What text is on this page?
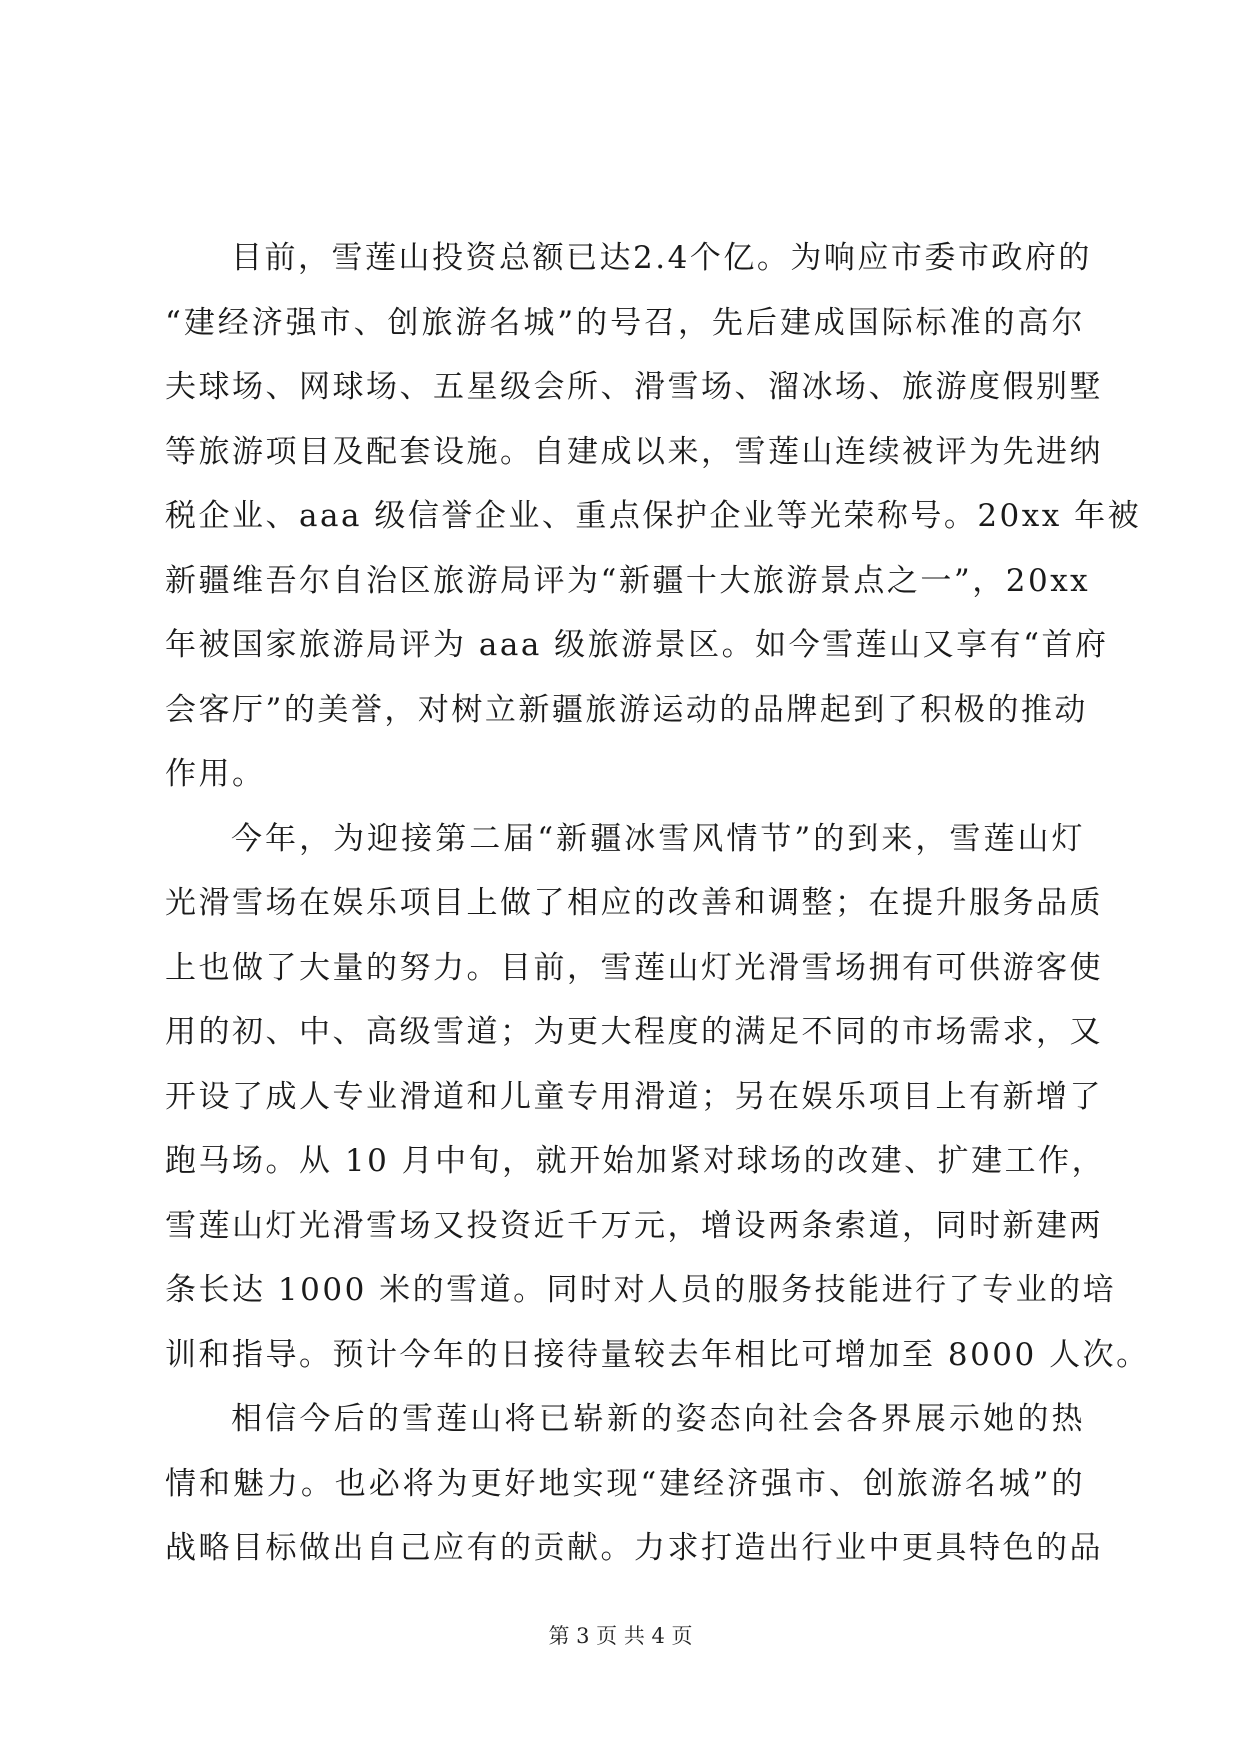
目 前 ， 雪 莲 山 投 资 总 额 已 达 2 . 4 个 亿 。 为 响 应 市 委 市 政 府 的
“ 建 经 济 强 市 、 创 旅 游 名 城 ” 的 号 召 ， 先 后 建 成 国 际 标 准 的 高 尔
夫 球 场 、 网 球 场 、 五 星 级 会 所 、 滑 雪 场 、 溜 冰 场 、 旅 游 度 假 别 墅
等 旅 游 项 目 及 配 套 设 施 。 自 建 成 以 来 ， 雪 莲 山 连 续 被 评 为 先 进 纳
税 企 业 、 a a a
级 信 誉 企 业 、 重 点 保 护 企 业 等 光 荣 称 号 。 2 0 x x
年 被
新 疆 维 吾 尔 自 治 区 旅 游 局 评 为 “ 新 疆 十 大 旅 游 景 点 之 一 ” ， 2 0 x x
年 被 国 家 旅 游 局 评 为
a a a
级 旅 游 景 区 。 如 今 雪 莲 山 又 享 有 “ 首 府
会 客 厅 ” 的 美 誉 ， 对 树 立 新 疆 旅 游 运 动 的 品 牌 起 到 了 积 极 的 推 动
作用。
今 年 ， 为 迎 接 第 二 届 “ 新 疆 冰 雪 风 情 节 ” 的 到 来 ， 雪 莲 山 灯
光 滑 雪 场 在 娱 乐 项 目 上 做 了 相 应 的 改 善 和 调 整 ； 在 提 升 服 务 品 质
上 也 做 了 大 量 的 努 力 。 目 前 ， 雪 莲 山 灯 光 滑 雪 场 拥 有 可 供 游 客 使
用 的 初 、 中 、 高 级 雪 道 ； 为 更 大 程 度 的 满 足 不 同 的 市 场 需 求 ， 又
开 设 了 成 人 专 业 滑 道 和 儿 童 专 用 滑 道 ； 另 在 娱 乐 项 目 上 有 新 增 了
跑马场。从 10 月中旬，就开始加紧对球场的改建、扩建工作，
雪 莲 山 灯 光 滑 雪 场 又 投 资 近 千 万 元 ， 增 设 两 条 索 道 ， 同 时 新 建 两
条 长 达
1 0 0 0
米 的 雪 道 。 同 时 对 人 员 的 服 务 技 能 进 行 了 专 业 的 培
训和指导。预计今年的日接待量较去年相比可增加至 8000 人次。
相 信 今 后 的 雪 莲 山 将 已 崭 新 的 姿 态 向 社 会 各 界 展 示 她 的 热
情 和 魅 力 。 也 必 将 为 更 好 地 实 现 “ 建 经 济 强 市 、 创 旅 游 名 城 ” 的
战 略 目 标 做 出 自 己 应 有 的 贡 献 。 力 求 打 造 出 行 业 中 更 具 特 色 的 品
第 3 页 共 4 页
